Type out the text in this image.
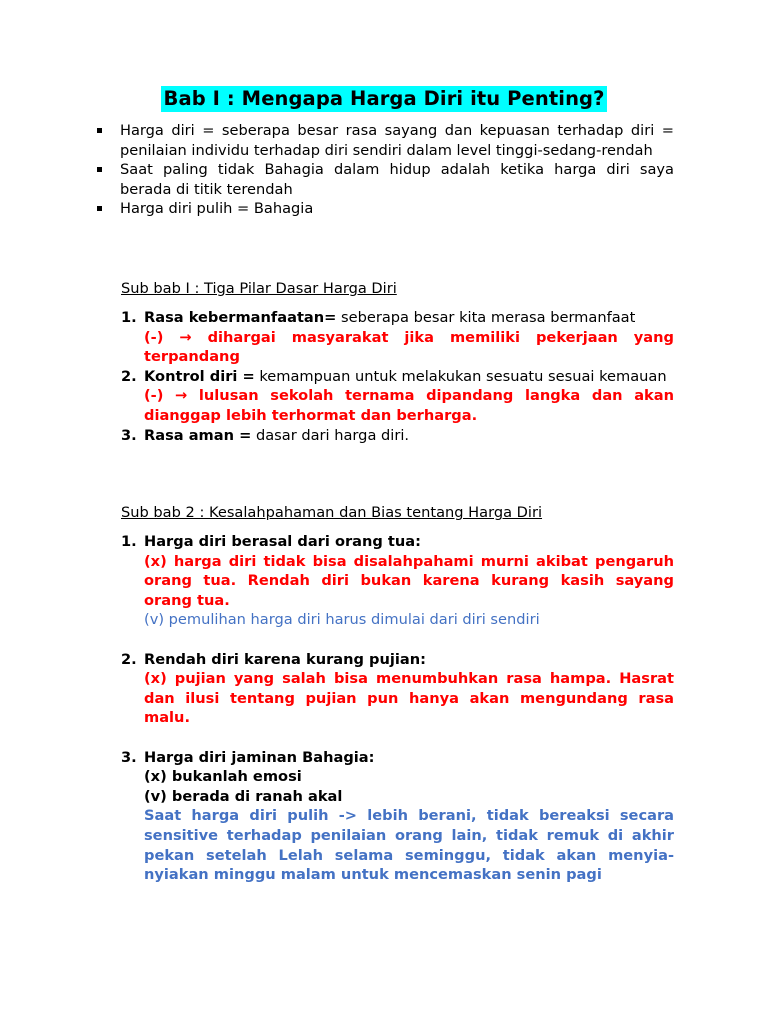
Bab I : Mengapa Harga Diri itu Penting?
Harga diri = seberapa besar rasa sayang dan kepuasan terhadap diri = penilaian individu terhadap diri sendiri dalam level tinggi-sedang-rendah
Saat paling tidak Bahagia dalam hidup adalah ketika harga diri saya berada di titik terendah
Harga diri pulih = Bahagia
Sub bab I : Tiga Pilar Dasar Harga Diri
1. Rasa kebermanfaatan= seberapa besar kita merasa bermanfaat
(-) → dihargai masyarakat jika memiliki pekerjaan yang terpandang
2. Kontrol diri = kemampuan untuk melakukan sesuatu sesuai kemauan
(-) → lulusan sekolah ternama dipandang langka dan akan dianggap lebih terhormat dan berharga.
3. Rasa aman = dasar dari harga diri.
Sub bab 2 : Kesalahpahaman dan Bias tentang Harga Diri
1. Harga diri berasal dari orang tua:
(x) harga diri tidak bisa disalahpahami murni akibat pengaruh orang tua. Rendah diri bukan karena kurang kasih sayang orang tua.
(v) pemulihan harga diri harus dimulai dari diri sendiri
2. Rendah diri karena kurang pujian:
(x) pujian yang salah bisa menumbuhkan rasa hampa. Hasrat dan ilusi tentang pujian pun hanya akan mengundang rasa malu.
3. Harga diri jaminan Bahagia:
(x) bukanlah emosi
(v) berada di ranah akal
Saat harga diri pulih -> lebih berani, tidak bereaksi secara sensitive terhadap penilaian orang lain, tidak remuk di akhir pekan setelah Lelah selama seminggu, tidak akan menyia-nyiakan minggu malam untuk mencemaskan senin pagi
